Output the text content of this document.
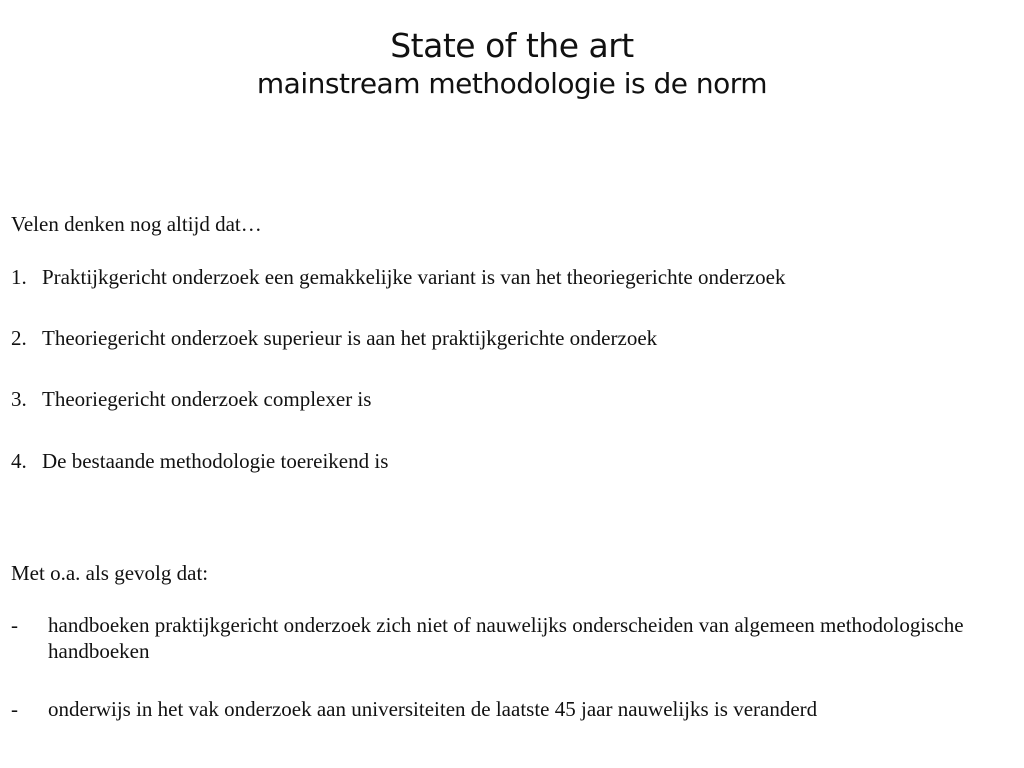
State of the art
mainstream methodologie is de norm
Velen denken nog altijd dat…
1. Praktijkgericht onderzoek een gemakkelijke variant is van het theoriegerichte onderzoek
2. Theoriegericht onderzoek superieur is aan het praktijkgerichte onderzoek
3. Theoriegericht onderzoek complexer is
4. De bestaande methodologie toereikend is
Met o.a. als gevolg dat:
- handboeken praktijkgericht onderzoek zich niet of nauwelijks onderscheiden van algemeen methodologische handboeken
- onderwijs in het vak onderzoek aan universiteiten de laatste 45 jaar nauwelijks is veranderd
